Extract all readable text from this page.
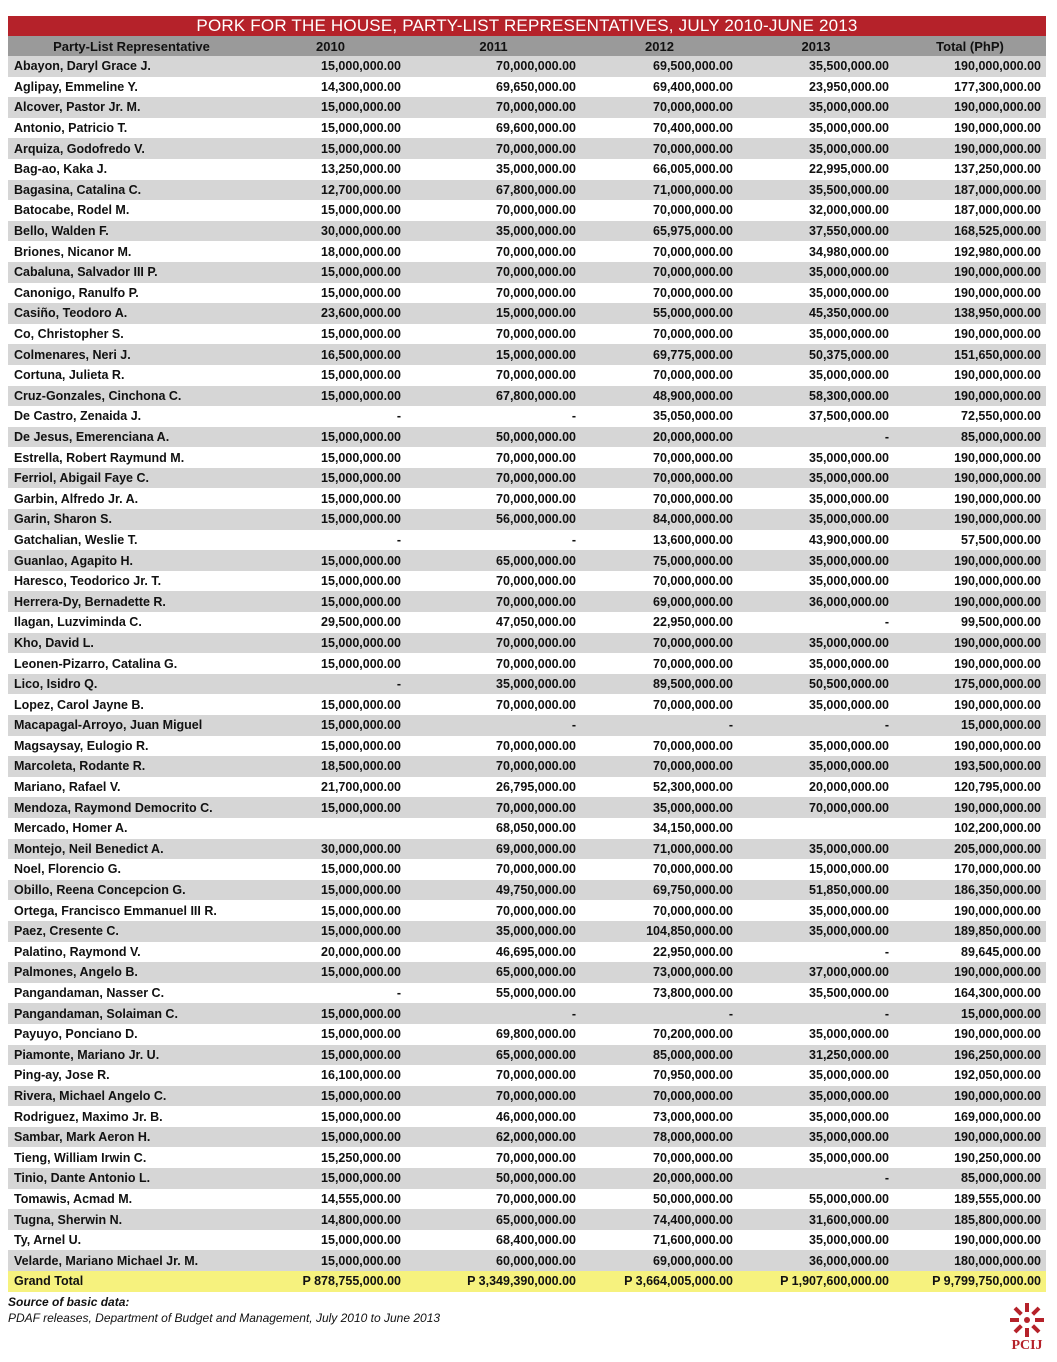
PORK FOR THE HOUSE, PARTY-LIST REPRESENTATIVES, JULY 2010-JUNE 2013
Party-List Representative	2010	2011	2012	2013	Total (PhP)
Abayon, Daryl Grace J.	15,000,000.00	70,000,000.00	69,500,000.00	35,500,000.00	190,000,000.00
Aglipay, Emmeline Y.	14,300,000.00	69,650,000.00	69,400,000.00	23,950,000.00	177,300,000.00
Alcover, Pastor Jr. M.	15,000,000.00	70,000,000.00	70,000,000.00	35,000,000.00	190,000,000.00
Antonio, Patricio T.	15,000,000.00	69,600,000.00	70,400,000.00	35,000,000.00	190,000,000.00
Arquiza, Godofredo V.	15,000,000.00	70,000,000.00	70,000,000.00	35,000,000.00	190,000,000.00
Bag-ao, Kaka J.	13,250,000.00	35,000,000.00	66,005,000.00	22,995,000.00	137,250,000.00
Bagasina, Catalina C.	12,700,000.00	67,800,000.00	71,000,000.00	35,500,000.00	187,000,000.00
Batocabe, Rodel M.	15,000,000.00	70,000,000.00	70,000,000.00	32,000,000.00	187,000,000.00
Bello, Walden F.	30,000,000.00	35,000,000.00	65,975,000.00	37,550,000.00	168,525,000.00
Briones, Nicanor M.	18,000,000.00	70,000,000.00	70,000,000.00	34,980,000.00	192,980,000.00
Cabaluna, Salvador III P.	15,000,000.00	70,000,000.00	70,000,000.00	35,000,000.00	190,000,000.00
Canonigo, Ranulfo P.	15,000,000.00	70,000,000.00	70,000,000.00	35,000,000.00	190,000,000.00
Casiño, Teodoro A.	23,600,000.00	15,000,000.00	55,000,000.00	45,350,000.00	138,950,000.00
Co, Christopher S.	15,000,000.00	70,000,000.00	70,000,000.00	35,000,000.00	190,000,000.00
Colmenares, Neri J.	16,500,000.00	15,000,000.00	69,775,000.00	50,375,000.00	151,650,000.00
Cortuna, Julieta R.	15,000,000.00	70,000,000.00	70,000,000.00	35,000,000.00	190,000,000.00
Cruz-Gonzales, Cinchona C.	15,000,000.00	67,800,000.00	48,900,000.00	58,300,000.00	190,000,000.00
De Castro, Zenaida J.	-	-	35,050,000.00	37,500,000.00	72,550,000.00
De Jesus, Emerenciana A.	15,000,000.00	50,000,000.00	20,000,000.00	-	85,000,000.00
Estrella, Robert Raymund M.	15,000,000.00	70,000,000.00	70,000,000.00	35,000,000.00	190,000,000.00
Ferriol, Abigail Faye C.	15,000,000.00	70,000,000.00	70,000,000.00	35,000,000.00	190,000,000.00
Garbin, Alfredo Jr. A.	15,000,000.00	70,000,000.00	70,000,000.00	35,000,000.00	190,000,000.00
Garin, Sharon S.	15,000,000.00	56,000,000.00	84,000,000.00	35,000,000.00	190,000,000.00
Gatchalian, Weslie T.	-	-	13,600,000.00	43,900,000.00	57,500,000.00
Guanlao, Agapito H.	15,000,000.00	65,000,000.00	75,000,000.00	35,000,000.00	190,000,000.00
Haresco, Teodorico Jr. T.	15,000,000.00	70,000,000.00	70,000,000.00	35,000,000.00	190,000,000.00
Herrera-Dy, Bernadette R.	15,000,000.00	70,000,000.00	69,000,000.00	36,000,000.00	190,000,000.00
Ilagan, Luzviminda C.	29,500,000.00	47,050,000.00	22,950,000.00	-	99,500,000.00
Kho, David L.	15,000,000.00	70,000,000.00	70,000,000.00	35,000,000.00	190,000,000.00
Leonen-Pizarro, Catalina G.	15,000,000.00	70,000,000.00	70,000,000.00	35,000,000.00	190,000,000.00
Lico, Isidro Q.	-	35,000,000.00	89,500,000.00	50,500,000.00	175,000,000.00
Lopez, Carol Jayne B.	15,000,000.00	70,000,000.00	70,000,000.00	35,000,000.00	190,000,000.00
Macapagal-Arroyo, Juan Miguel	15,000,000.00	-	-	-	15,000,000.00
Magsaysay, Eulogio R.	15,000,000.00	70,000,000.00	70,000,000.00	35,000,000.00	190,000,000.00
Marcoleta, Rodante R.	18,500,000.00	70,000,000.00	70,000,000.00	35,000,000.00	193,500,000.00
Mariano, Rafael V.	21,700,000.00	26,795,000.00	52,300,000.00	20,000,000.00	120,795,000.00
Mendoza, Raymond Democrito C.	15,000,000.00	70,000,000.00	35,000,000.00	70,000,000.00	190,000,000.00
Mercado, Homer A.		68,050,000.00	34,150,000.00		102,200,000.00
Montejo, Neil Benedict A.	30,000,000.00	69,000,000.00	71,000,000.00	35,000,000.00	205,000,000.00
Noel, Florencio G.	15,000,000.00	70,000,000.00	70,000,000.00	15,000,000.00	170,000,000.00
Obillo, Reena Concepcion G.	15,000,000.00	49,750,000.00	69,750,000.00	51,850,000.00	186,350,000.00
Ortega, Francisco Emmanuel III R.	15,000,000.00	70,000,000.00	70,000,000.00	35,000,000.00	190,000,000.00
Paez, Cresente C.	15,000,000.00	35,000,000.00	104,850,000.00	35,000,000.00	189,850,000.00
Palatino, Raymond V.	20,000,000.00	46,695,000.00	22,950,000.00	-	89,645,000.00
Palmones, Angelo B.	15,000,000.00	65,000,000.00	73,000,000.00	37,000,000.00	190,000,000.00
Pangandaman, Nasser C.	-	55,000,000.00	73,800,000.00	35,500,000.00	164,300,000.00
Pangandaman, Solaiman C.	15,000,000.00	-	-	-	15,000,000.00
Payuyo, Ponciano D.	15,000,000.00	69,800,000.00	70,200,000.00	35,000,000.00	190,000,000.00
Piamonte, Mariano Jr. U.	15,000,000.00	65,000,000.00	85,000,000.00	31,250,000.00	196,250,000.00
Ping-ay, Jose R.	16,100,000.00	70,000,000.00	70,950,000.00	35,000,000.00	192,050,000.00
Rivera, Michael Angelo C.	15,000,000.00	70,000,000.00	70,000,000.00	35,000,000.00	190,000,000.00
Rodriguez, Maximo Jr. B.	15,000,000.00	46,000,000.00	73,000,000.00	35,000,000.00	169,000,000.00
Sambar, Mark Aeron H.	15,000,000.00	62,000,000.00	78,000,000.00	35,000,000.00	190,000,000.00
Tieng, William Irwin C.	15,250,000.00	70,000,000.00	70,000,000.00	35,000,000.00	190,250,000.00
Tinio, Dante Antonio L.	15,000,000.00	50,000,000.00	20,000,000.00	-	85,000,000.00
Tomawis, Acmad M.	14,555,000.00	70,000,000.00	50,000,000.00	55,000,000.00	189,555,000.00
Tugna, Sherwin N.	14,800,000.00	65,000,000.00	74,400,000.00	31,600,000.00	185,800,000.00
Ty, Arnel U.	15,000,000.00	68,400,000.00	71,600,000.00	35,000,000.00	190,000,000.00
Velarde, Mariano Michael Jr. M.	15,000,000.00	60,000,000.00	69,000,000.00	36,000,000.00	180,000,000.00
Grand Total	P 878,755,000.00	P 3,349,390,000.00	P 3,664,005,000.00	P 1,907,600,000.00	P 9,799,750,000.00
Source of basic data:
PDAF releases, Department of Budget and Management, July 2010 to June 2013
PCIJ
